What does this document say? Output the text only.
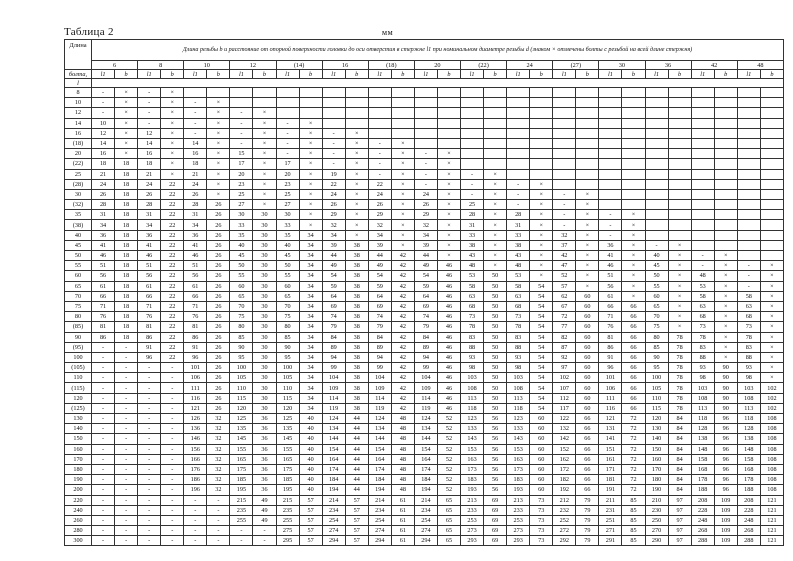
Таблица 2	мм
Длина	Длина резьбы b и расстояние от опорной поверхности головки до оси отверстия в стержне l1 при номинальном диаметре резьбы d (знаком × отмечены болты с резьбой на всей длине стержня)																													
	6		8		10		12		(14)		16		(18)		20		(22)		24		(27)		30		36		42		48	
болта,	l1	b	l1	b	l1	b	l1	b	l1	b	l1	b	l1	b	l1	b	l1	b	l1	b	l1	b	l1	b	l1	b	l1	b	l1	b
l																														
8	-	×	-	×																										
10	-	×	-	×	-	×																								
12	-	×	-	×	-	×	-	×																						
14	10	×	-	×	-	×	-	×	-	×																				
16	12	×	12	×	-	×	-	×	-	×	-	×																		
(18)	14	×	14	×	14	×	-	×	-	×	-	×	-	×																
20	16	×	16	×	16	×	15	×	-	×	-	×	-	×	-	×														
(22)	18	18	18	×	18	×	17	×	17	×	-	×	-	×	-	×														
25	21	18	21	×	21	×	20	×	20	×	19	×	-	×	-	×	-	×												
(28)	24	18	24	22	24	×	23	×	23	×	22	×	22	×	-	×	-	×	-	×										
30	26	18	26	22	26	×	25	×	25	×	24	×	24	×	24	×	-	×	-	×	-	×								
(32)	28	18	28	22	28	26	27	×	27	×	26	×	26	×	26	×	25	×	-	×	-	×								
35	31	18	31	22	31	26	30	30	30	×	29	×	29	×	29	×	28	×	28	×	-	×	-	×						
(38)	34	18	34	22	34	26	33	30	33	×	32	×	32	×	32	×	31	×	31	×	-	×	-	×						
40	36	18	36	22	36	26	35	30	35	34	34	×	34	×	34	×	33	×	33	×	32	×	-	×						
45	41	18	41	22	41	26	40	30	40	34	39	38	39	×	39	×	38	×	38	×	37	×	36	×	-	×				
50	46	18	46	22	46	26	45	30	45	34	44	38	44	42	44	×	43	×	43	×	42	×	41	×	40	×	-	×		
55	51	18	51	22	51	26	50	30	50	34	49	38	49	42	49	46	48	×	48	×	47	×	46	×	45	×	-	×	-	×
60	56	18	56	22	56	26	55	30	55	34	54	38	54	42	54	46	53	50	53	×	52	×	51	×	50	×	48	×	-	×
65	61	18	61	22	61	26	60	30	60	34	59	38	59	42	59	46	58	50	58	54	57	×	56	×	55	×	53	×	-	×
70	66	18	66	22	66	26	65	30	65	34	64	38	64	42	64	46	63	50	63	54	62	60	61	×	60	×	58	×	58	×
75	71	18	71	22	71	26	70	30	70	34	69	38	69	42	69	46	68	50	68	54	67	60	66	66	65	×	63	×	63	×
80	76	18	76	22	76	26	75	30	75	34	74	38	74	42	74	46	73	50	73	54	72	60	71	66	70	×	68	×	68	×
(85)	81	18	81	22	81	26	80	30	80	34	79	38	79	42	79	46	78	50	78	54	77	60	76	66	75	×	73	×	73	×
90	86	18	86	22	86	26	85	30	85	34	84	38	84	42	84	46	83	50	83	54	82	60	81	66	80	78	78	×	78	×
(95)	-	-	91	22	91	26	90	30	90	34	89	38	89	42	89	46	88	50	88	54	87	60	86	66	85	78	83	×	83	×
100	-	-	96	22	96	26	95	30	95	34	94	38	94	42	94	46	93	50	93	54	92	60	91	66	90	78	88	×	88	×
(105)	-	-	-	-	101	26	100	30	100	34	99	38	99	42	99	46	98	50	98	54	97	60	96	66	95	78	93	90	93	×
110	-	-	-	-	106	26	105	30	105	34	104	38	104	42	104	46	103	50	103	54	102	60	101	66	100	78	98	90	98	×
(115)	-	-	-	-	111	26	110	30	110	34	109	38	109	42	109	46	108	50	108	54	107	60	106	66	105	78	103	90	103	102
120	-	-	-	-	116	26	115	30	115	34	114	38	114	42	114	46	113	50	113	54	112	60	111	66	110	78	108	90	108	102
(125)	-	-	-	-	121	26	120	30	120	34	119	38	119	42	119	46	118	50	118	54	117	60	116	66	115	78	113	90	113	102
130	-	-	-	-	126	32	125	36	125	40	124	44	124	48	124	52	123	56	123	60	122	66	121	72	120	84	118	96	118	108
140	-	-	-	-	136	32	135	36	135	40	134	44	134	48	134	52	133	56	133	60	132	66	131	72	130	84	128	96	128	108
150	-	-	-	-	146	32	145	36	145	40	144	44	144	48	144	52	143	56	143	60	142	66	141	72	140	84	138	96	138	108
160	-	-	-	-	156	32	155	36	155	40	154	44	154	48	154	52	153	56	153	60	152	66	151	72	150	84	148	96	148	108
170	-	-	-	-	166	32	165	36	165	40	164	44	164	48	164	52	163	56	163	60	162	66	161	72	160	84	158	96	158	108
180	-	-	-	-	176	32	175	36	175	40	174	44	174	48	174	52	173	56	173	60	172	66	171	72	170	84	168	96	168	108
190	-	-	-	-	186	32	185	36	185	40	184	44	184	48	184	52	183	56	183	60	182	66	181	72	180	84	178	96	178	108
200	-	-	-	-	196	32	195	36	195	40	194	44	194	48	194	52	193	56	193	60	192	66	191	72	190	84	188	96	188	108
220	-	-	-	-	-	-	215	49	215	57	214	57	214	61	214	65	213	69	213	73	212	79	211	85	210	97	208	109	208	121
240	-	-	-	-	-	-	235	49	235	57	234	57	234	61	234	65	233	69	233	73	232	79	231	85	230	97	228	109	228	121
260	-	-	-	-	-	-	255	49	255	57	254	57	254	61	254	65	253	69	253	73	252	79	251	85	250	97	248	109	248	121
280	-	-	-	-	-	-	-	-	275	57	274	57	274	61	274	65	273	69	273	73	272	79	271	85	270	97	268	109	268	121
300	-	-	-	-	-	-	-	-	295	57	294	57	294	61	294	65	293	69	293	73	292	79	291	85	290	97	288	109	288	121
